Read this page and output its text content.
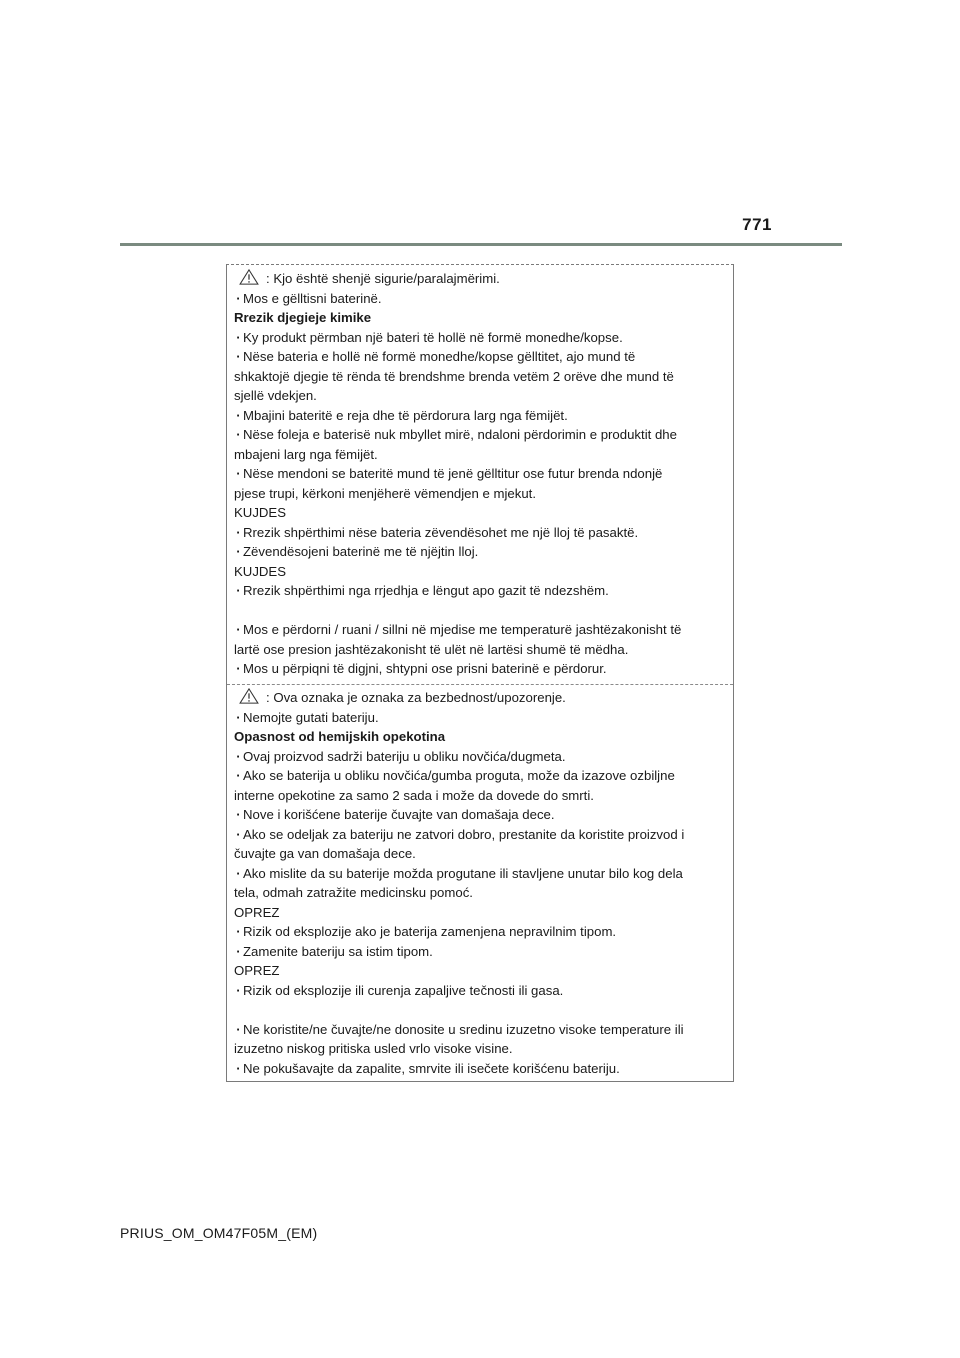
771
: Kjo është shenjë sigurie/paralajmërimi.
· Mos e gëlltisni baterinë.
Rrezik djegieje kimike
· Ky produkt përmban një bateri të hollë në formë monedhe/kopse.
· Nëse bateria e hollë në formë monedhe/kopse gëlltitet, ajo mund të
shkaktojë djegie të rënda të brendshme brenda vetëm 2 orëve dhe mund të
sjellë vdekjen.
· Mbajini bateritë e reja dhe të përdorura larg nga fëmijët.
· Nëse foleja e baterisë nuk mbyllet mirë, ndaloni përdorimin e produktit dhe
mbajeni larg nga fëmijët.
· Nëse mendoni se bateritë mund të jenë gëlltitur ose futur brenda ndonjë
pjese trupi, kërkoni menjëherë vëmendjen e mjekut.
KUJDES
· Rrezik shpërthimi nëse bateria zëvendësohet me një lloj të pasaktë.
· Zëvendësojeni baterinë me të njëjtin lloj.
KUJDES
· Rrezik shpërthimi nga rrjedhja e lëngut apo gazit të ndezshëm.
· Mos e përdorni / ruani / sillni në mjedise me temperaturë jashtëzakonisht të
lartë ose presion jashtëzakonisht të ulët në lartësi shumë të mëdha.
· Mos u përpiqni të digjni, shtypni ose prisni baterinë e përdorur.
: Ova oznaka je oznaka za bezbednost/upozorenje.
· Nemojte gutati bateriju.
Opasnost od hemijskih opekotina
· Ovaj proizvod sadrži bateriju u obliku novčića/dugmeta.
· Ako se baterija u obliku novčića/gumba proguta, može da izazove ozbiljne
interne opekotine za samo 2 sada i može da dovede do smrti.
· Nove i korišćene baterije čuvajte van domašaja dece.
· Ako se odeljak za bateriju ne zatvori dobro, prestanite da koristite proizvod i
čuvajte ga van domašaja dece.
· Ako mislite da su baterije možda progutane ili stavljene unutar bilo kog dela
tela, odmah zatražite medicinsku pomoć.
OPREZ
· Rizik od eksplozije ako je baterija zamenjena nepravilnim tipom.
· Zamenite bateriju sa istim tipom.
OPREZ
· Rizik od eksplozije ili curenja zapaljive tečnosti ili gasa.
· Ne koristite/ne čuvajte/ne donosite u sredinu izuzetno visoke temperature ili
izuzetno niskog pritiska usled vrlo visoke visine.
· Ne pokušavajte da zapalite, smrvite ili isečete korišćenu bateriju.
PRIUS_OM_OM47F05M_(EM)
